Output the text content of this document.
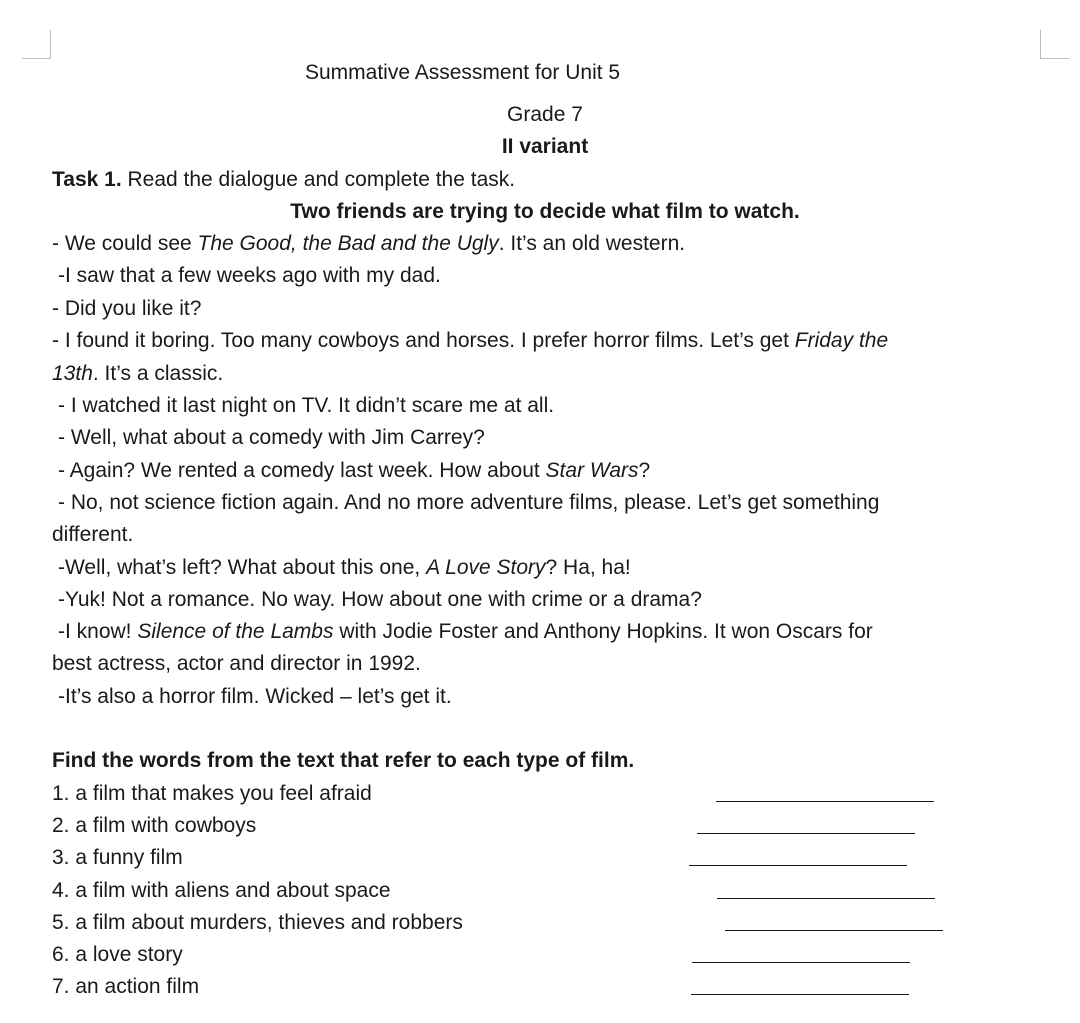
Summative Assessment for Unit 5
Grade 7
II variant
Task 1. Read the dialogue and complete the task.
Two friends are trying to decide what film to watch.
- We could see The Good, the Bad and the Ugly. It’s an old western.
-I saw that a few weeks ago with my dad.
- Did you like it?
- I found it boring. Too many cowboys and horses. I prefer horror films. Let’s get Friday the
13th. It’s a classic.
- I watched it last night on TV. It didn’t scare me at all.
- Well, what about a comedy with Jim Carrey?
- Again? We rented a comedy last week. How about Star Wars?
- No, not science fiction again. And no more adventure films, please. Let’s get something
different.
-Well, what’s left? What about this one, A Love Story? Ha, ha!
-Yuk! Not a romance. No way. How about one with crime or a drama?
-I know! Silence of the Lambs with Jodie Foster and Anthony Hopkins. It won Oscars for
best actress, actor and director in 1992.
-It’s also a horror film. Wicked – let’s get it.
Find the words from the text that refer to each type of film.
1. a film that makes you feel afraid
2. a film with cowboys
3. a funny film
4. a film with aliens and about space
5. a film about murders, thieves and robbers
6. a love story
7. an action film
